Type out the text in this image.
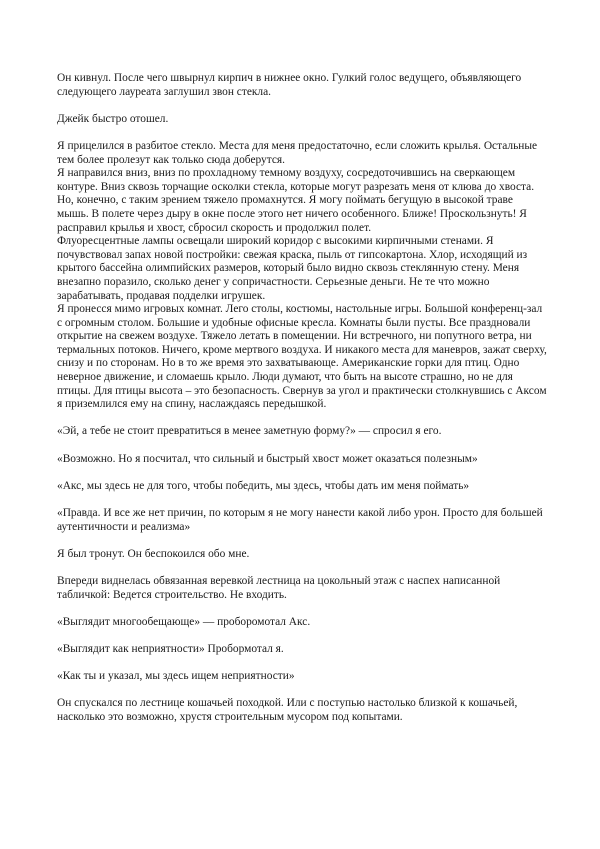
Он кивнул. После чего швырнул кирпич в нижнее окно. Гулкий голос ведущего, объявляющего следующего лауреата заглушил звон стекла.

Джейк быстро отошел.

Я прицелился в разбитое стекло. Места для меня предостаточно, если сложить крылья. Остальные тем более пролезут как только сюда доберутся.

Я направился вниз, вниз по прохладному темному воздуху, сосредоточившись на сверкающем контуре. Вниз сквозь торчащие осколки стекла, которые могут разрезать меня от клюва до хвоста. Но, конечно, с таким зрением тяжело промахнутся. Я могу поймать бегущую в высокой траве мышь. В полете через дыру в окне после этого нет ничего особенного. Ближе! Проскользнуть! Я расправил крылья и хвост, сбросил скорость и продолжил полет.

Флуоресцентные лампы освещали широкий коридор с высокими кирпичными стенами. Я почувствовал запах новой постройки: свежая краска, пыль от гипсокартона. Хлор, исходящий из крытого бассейна олимпийских размеров, который было видно сквозь стеклянную стену. Меня внезапно поразило, сколько денег у сопричастности. Серьезные деньги. Не те что можно зарабатывать, продавая подделки игрушек.

Я пронесся мимо игровых комнат. Лего столы, костюмы, настольные игры. Большой конференц-зал с огромным столом. Большие и удобные офисные кресла. Комнаты были пусты. Все праздновали открытие на свежем воздухе. Тяжело летать в помещении. Ни встречного, ни попутного ветра, ни термальных потоков. Ничего, кроме мертвого воздуха. И никакого места для маневров, зажат сверху, снизу и по сторонам. Но в то же время это захватывающе. Американские горки для птиц. Одно неверное движение, и сломаешь крыло. Люди думают, что быть на высоте страшно, но не для птицы. Для птицы высота – это безопасность. Свернув за угол и практически столкнувшись с Аксом я приземлился ему на спину, наслаждаясь передышкой.

«Эй, а тебе не стоит превратиться в менее заметную форму?» — спросил я его.

«Возможно. Но я посчитал, что сильный и быстрый хвост может оказаться полезным»

«Акс, мы здесь не для того, чтобы победить, мы здесь, чтобы дать им меня поймать»

«Правда. И все же нет причин, по которым я не могу нанести какой либо урон. Просто для большей аутентичности и реализма»

Я был тронут. Он беспокоился обо мне.

Впереди виднелась обвязанная веревкой лестница на цокольный этаж с наспех написанной табличкой: Ведется строительство. Не входить.

«Выглядит многообещающе» — проборомотал Акс.

«Выглядит как неприятности» Пробормотал я.

«Как ты и указал, мы здесь ищем неприятности»

Он спускался по лестнице кошачьей походкой. Или с поступью настолько близкой к кошачьей, насколько это возможно, хрустя строительным мусором под копытами.
